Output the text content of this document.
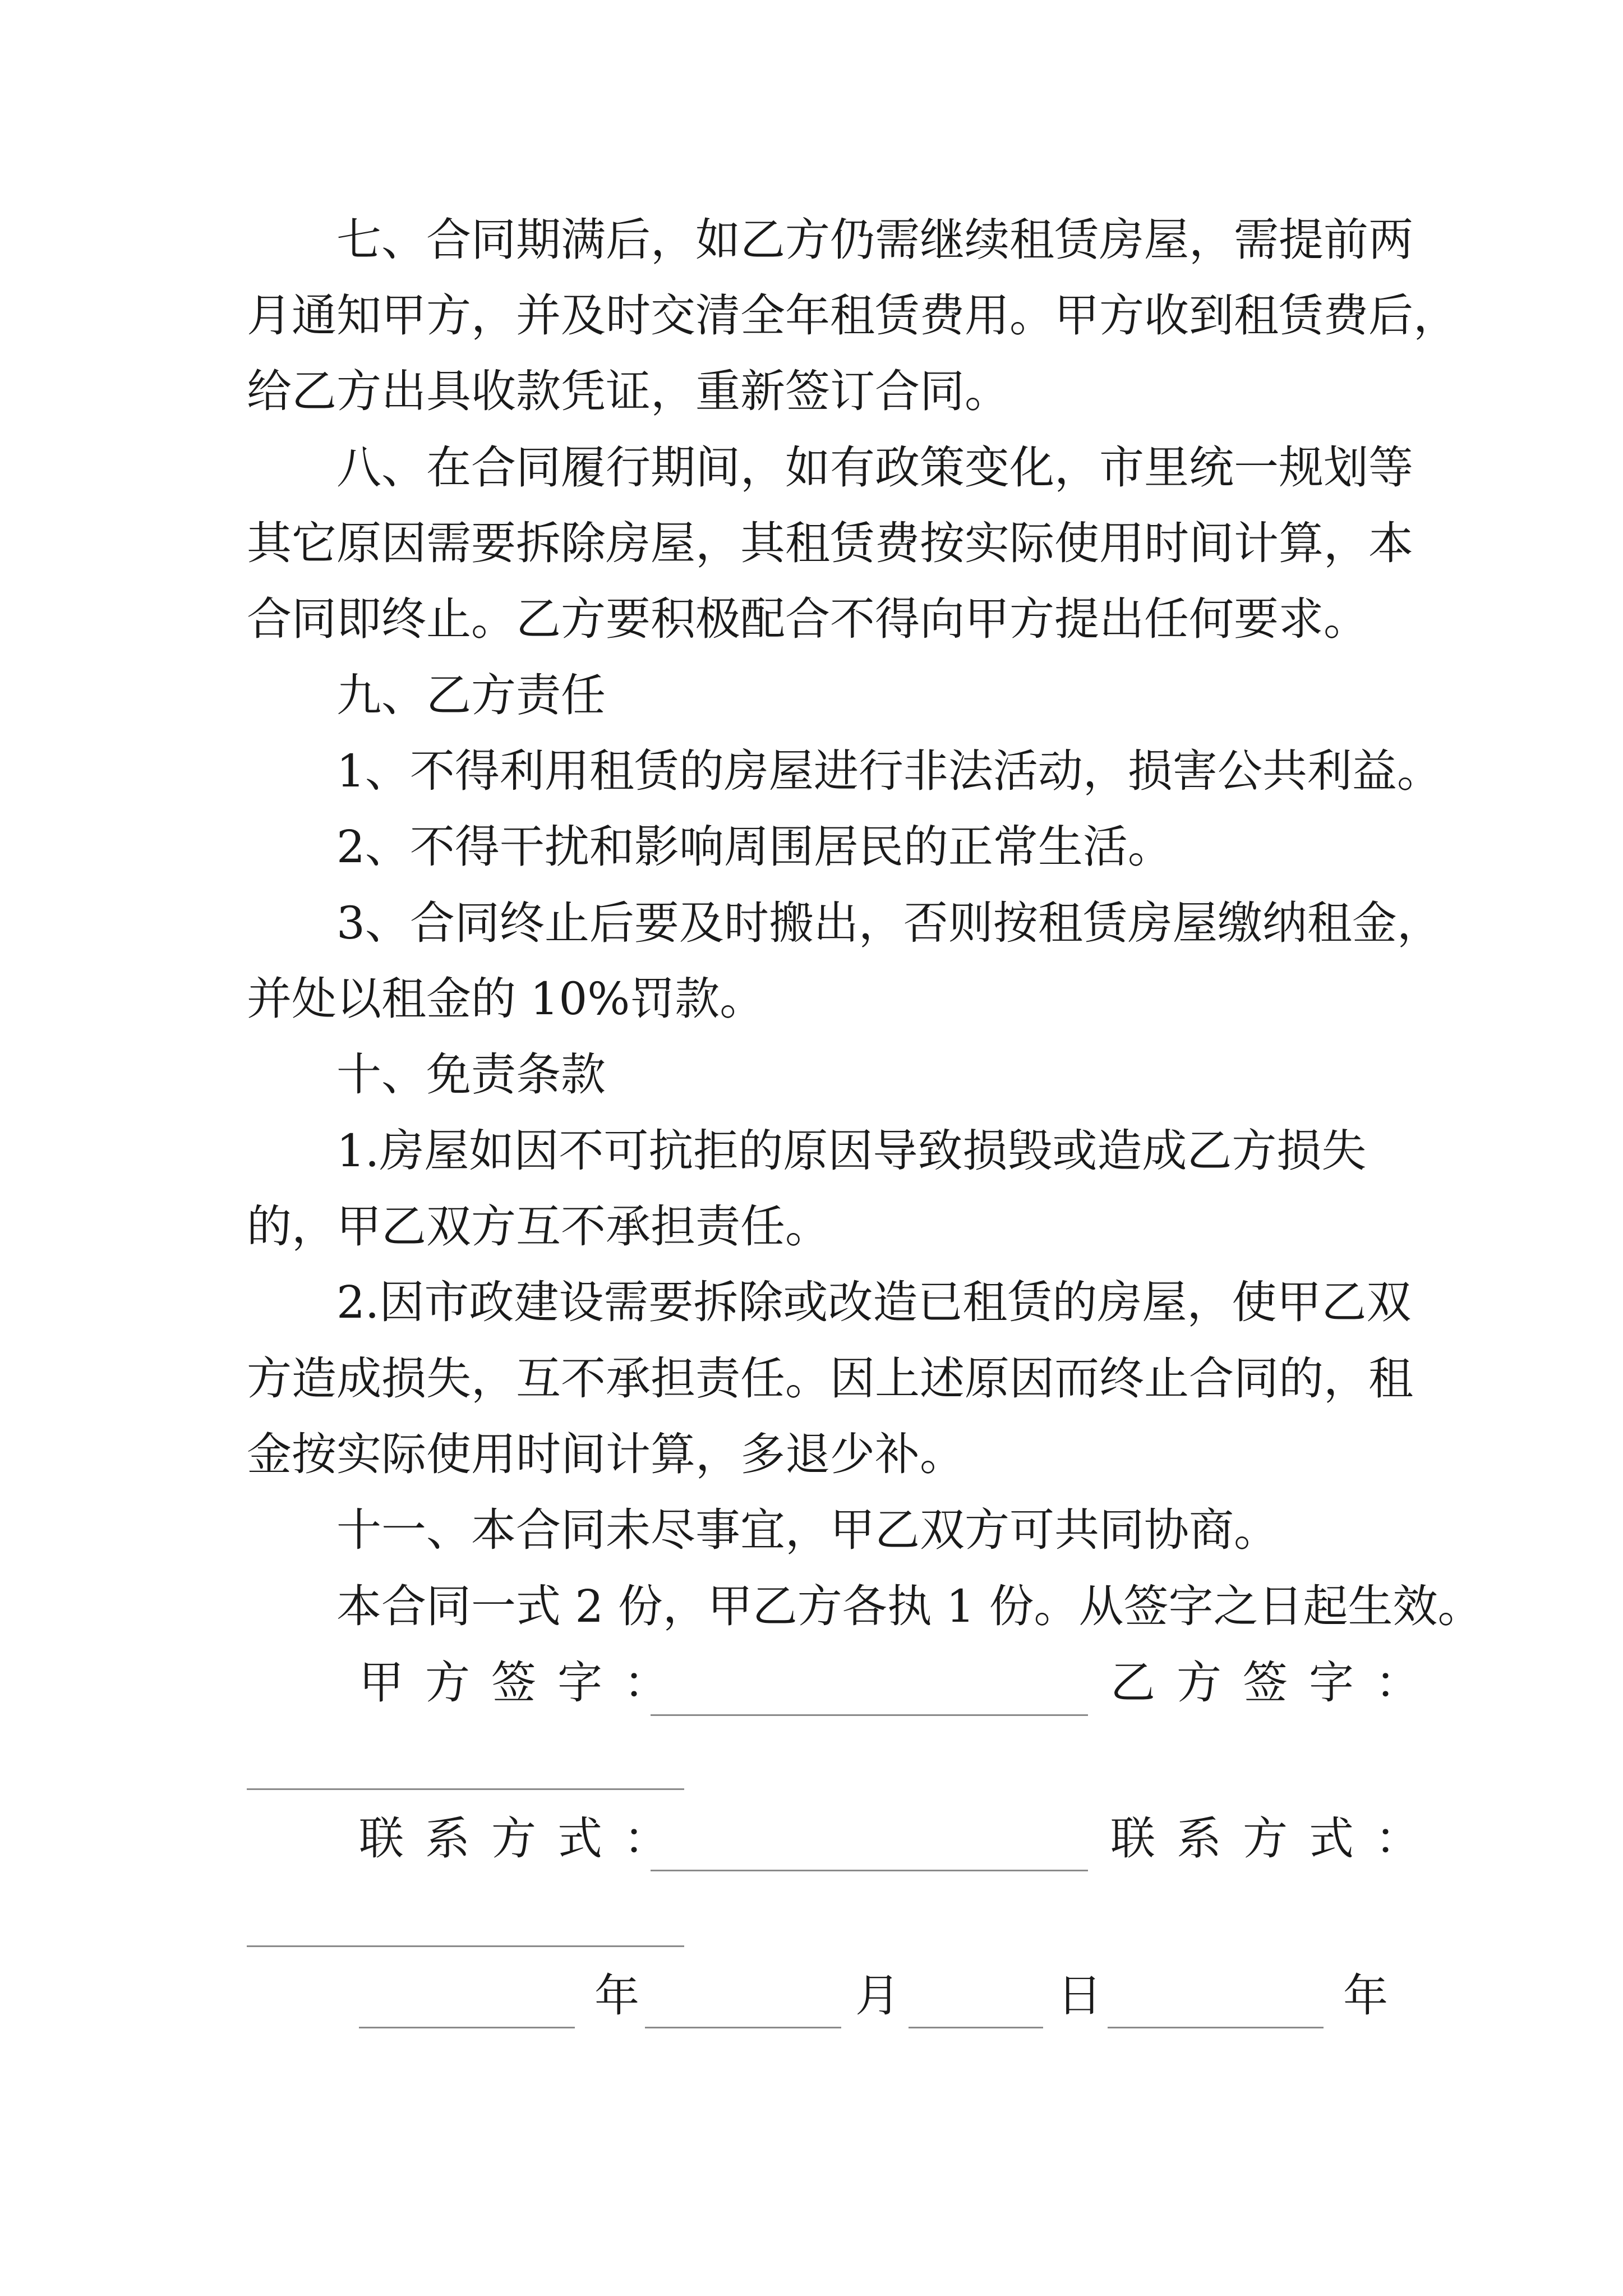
七、合同期满后，如乙方仍需继续租赁房屋，需提前两
月通知甲方，并及时交清全年租赁费用。甲方收到租赁费后，
给乙方出具收款凭证，重新签订合同。
八、在合同履行期间，如有政策变化，市里统一规划等
其它原因需要拆除房屋，其租赁费按实际使用时间计算，本
合同即终止。乙方要积极配合不得向甲方提出任何要求。
九、乙方责任
1、不得利用租赁的房屋进行非法活动，损害公共利益。
2、不得干扰和影响周围居民的正常生活。
3、合同终止后要及时搬出，否则按租赁房屋缴纳租金，
并处以租金的 10%罚款。
十、免责条款
1.房屋如因不可抗拒的原因导致损毁或造成乙方损失
的，甲乙双方互不承担责任。
2.因市政建设需要拆除或改造已租赁的房屋，使甲乙双
方造成损失，互不承担责任。因上述原因而终止合同的，租
金按实际使用时间计算，多退少补。
十一、本合同未尽事宜，甲乙双方可共同协商。
本合同一式 2 份，甲乙方各执 1 份。从签字之日起生效。
甲方签字：	乙方签字：
联系方式：	联系方式：
年	月	日	年
